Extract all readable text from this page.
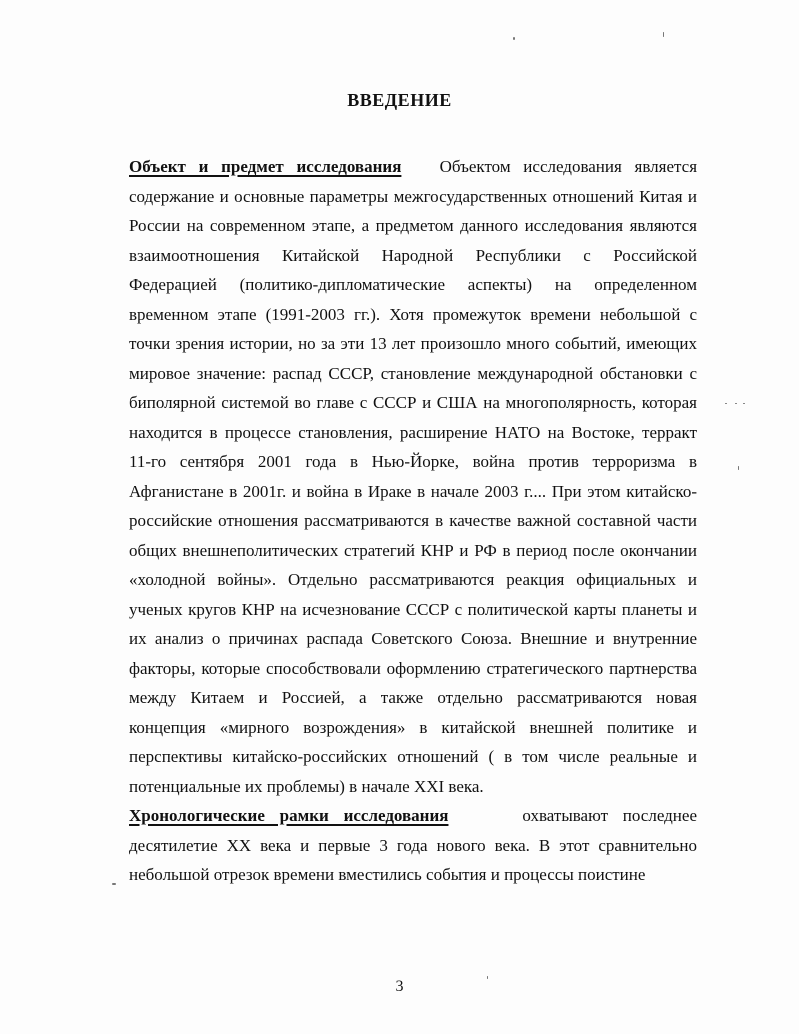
ВВЕДЕНИЕ

Объект и предмет исследования Объектом исследования является содержание и основные параметры межгосударственных отношений Китая и России на современном этапе, а предметом данного исследования являются взаимоотношения Китайской Народной Республики с Российской Федерацией (политико-дипломатические аспекты) на определенном временном этапе (1991-2003 гг.). Хотя промежуток времени небольшой с точки зрения истории, но за эти 13 лет произошло много событий, имеющих мировое значение: распад СССР, становление международной обстановки с биполярной системой во главе с СССР и США на многополярность, которая находится в процессе становления, расширение НАТО на Востоке, терракт 11-го сентября 2001 года в Нью-Йорке, война против терроризма в Афганистане в 2001г. и война в Ираке в начале 2003 г.... При этом китайско-российские отношения рассматриваются в качестве важной составной части общих внешнеполитических стратегий КНР и РФ в период после окончании «холодной войны». Отдельно рассматриваются реакция официальных и ученых кругов КНР на исчезнование СССР с политической карты планеты и их анализ о причинах распада Советского Союза. Внешние и внутренние факторы, которые способствовали оформлению стратегического партнерства между Китаем и Россией, а также отдельно рассматриваются новая концепция «мирного возрождения» в китайской внешней политике и перспективы китайско-российских отношений ( в том числе реальные и потенциальные их проблемы) в начале ХХI века.

Хронологические рамки исследования	охватывают последнее десятилетие ХХ века и первые 3 года нового века. В этот сравнительно небольшой отрезок времени вместились события и процессы поистине

3
